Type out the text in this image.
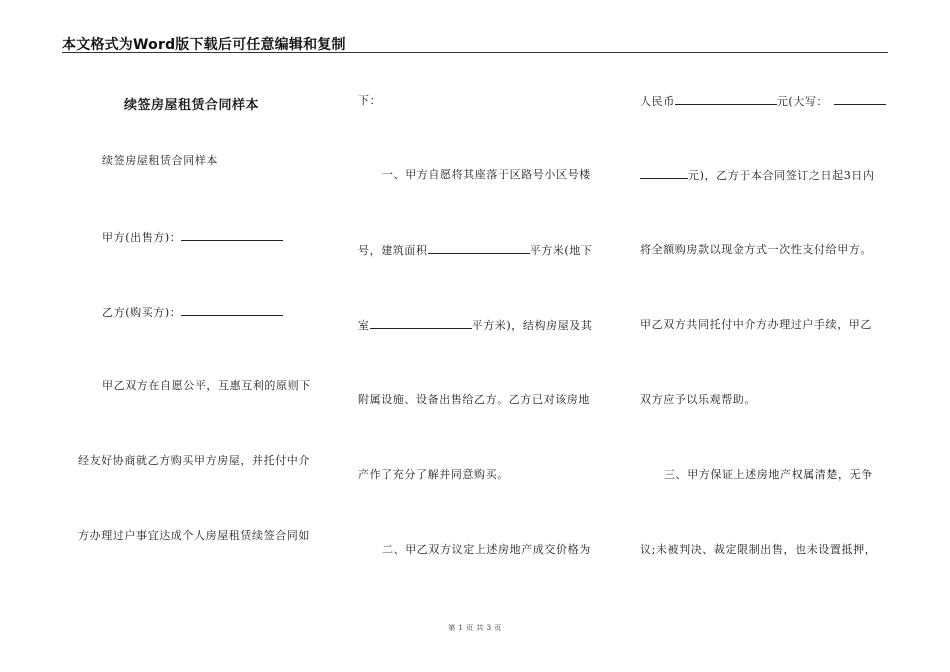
本文格式为Word版下载后可任意编辑和复制
续签房屋租赁合同样本
续签房屋租赁合同样本
甲方(出售方)：
乙方(购买方)：
甲乙双方在自愿公平，互惠互利的原则下
经友好协商就乙方购买甲方房屋，并托付中介
方办理过户事宜达成个人房屋租赁续签合同如
下：
一、甲方自愿将其座落于区路号小区号楼
号，建筑面积	平方米(地下
室	平方米)，结构房屋及其
附属设施、设备出售给乙方。乙方已对该房地
产作了充分了解并同意购买。
二、甲乙双方议定上述房地产成交价格为
人民币	元(大写：
元)，乙方于本合同签订之日起3日内
将全额购房款以现金方式一次性支付给甲方。
甲乙双方共同托付中介方办理过户手续，甲乙
双方应予以乐观帮助。
三、甲方保证上述房地产权属清楚，无争
议;未被判决、裁定限制出售，也未设置抵押，
第 1 页 共 3 页
